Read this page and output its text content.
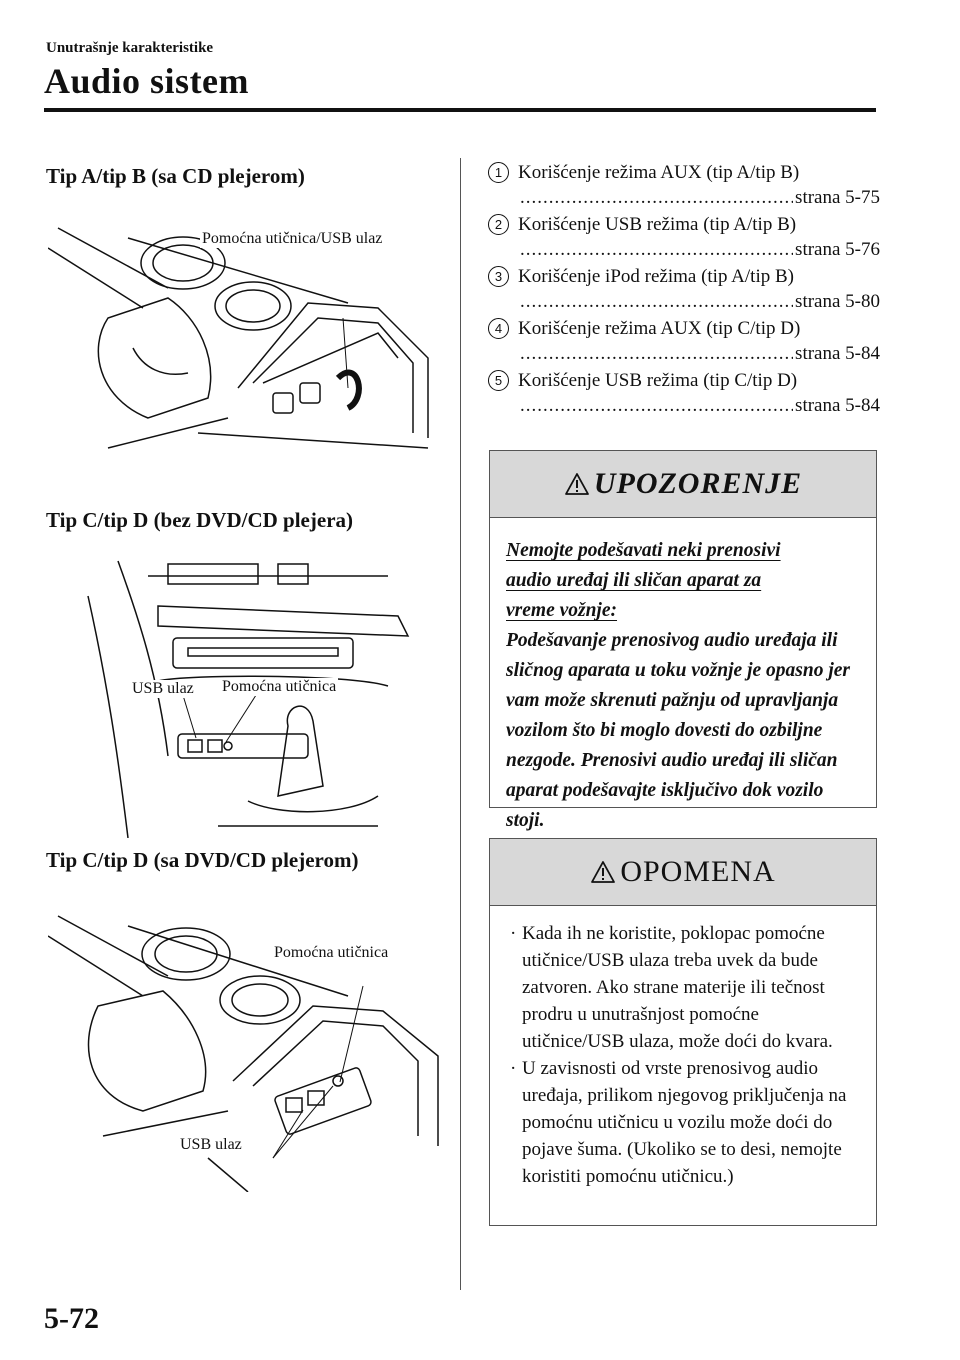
Unutrašnje karakteristike
Audio sistem
Tip A/tip B (sa CD plejerom)
Pomoćna utičnica/USB ulaz
Tip C/tip D (bez DVD/CD plejera)
USB ulaz Pomoćna utičnica
Tip C/tip D (sa DVD/CD plejerom)
Pomoćna utičnica
USB ulaz
1 Korišćenje režima AUX (tip A/tip B)
.....
strana 5-75
2 Korišćenje USB režima (tip A/tip B)
.....
strana 5-76
3 Korišćenje iPod režima (tip A/tip B)
.....
strana 5-80
4 Korišćenje režima AUX (tip C/tip D)
.....
strana 5-84
5 Korišćenje USB režima (tip C/tip D)
.....
strana 5-84
UPOZORENJE
Nemojte podešavati neki prenosivi
audio uređaj ili sličan aparat za
vreme vožnje:
Podešavanje prenosivog audio uređaja ili sličnog aparata u toku vožnje je opasno jer vam može skrenuti pažnju od upravljanja vozilom što bi moglo dovesti do ozbiljne nezgode. Prenosivi audio uređaj ili sličan aparat podešavajte isključivo dok vozilo stoji.
OPOMENA
· Kada ih ne koristite, poklopac pomoćne utičnice/USB ulaza treba uvek da bude zatvoren. Ako strane materije ili tečnost prodru u unutrašnjost pomoćne utičnice/USB ulaza, može doći do kvara.
· U zavisnosti od vrste prenosivog audio uređaja, prilikom njegovog priključenja na pomoćnu utičnicu u vozilu može doći do pojave šuma. (Ukoliko se to desi, nemojte koristiti pomoćnu utičnicu.)
5-72
